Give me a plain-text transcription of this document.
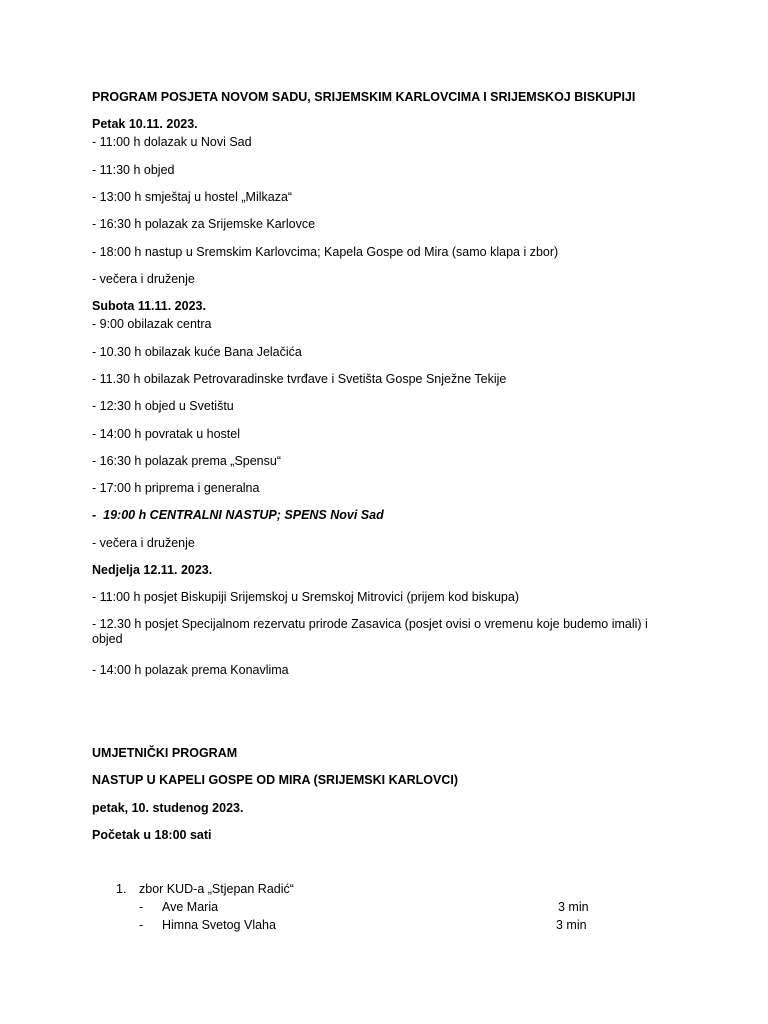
PROGRAM POSJETA NOVOM SADU, SRIJEMSKIM KARLOVCIMA I SRIJEMSKOJ BISKUPIJI
Petak 10.11. 2023.
- 11:00 h dolazak u Novi Sad
- 11:30 h objed
- 13:00 h smještaj u hostel „Milkaza“
- 16:30 h polazak za Srijemske Karlovce
- 18:00 h nastup u Sremskim Karlovcima; Kapela Gospe od Mira (samo klapa i zbor)
- večera i druženje
Subota 11.11. 2023.
- 9:00 obilazak centra
- 10.30 h obilazak kuće Bana Jelačića
- 11.30 h obilazak Petrovaradinske tvrđave i Svetišta Gospe Snježne Tekije
- 12:30 h objed u Svetištu
- 14:00 h povratak u hostel
- 16:30 h polazak prema „Spensu“
- 17:00 h priprema i generalna
- 19:00 h CENTRALNI NASTUP; SPENS Novi Sad
- večera i druženje
Nedjelja 12.11. 2023.
- 11:00 h posjet Biskupiji Srijemskoj u Sremskoj Mitrovici (prijem kod biskupa)
- 12.30 h posjet Specijalnom rezervatu prirode Zasavica (posjet ovisi o vremenu koje budemo imali) i objed
- 14:00 h polazak prema Konavlima
UMJETNIČKI PROGRAM
NASTUP U KAPELI GOSPE OD MIRA (SRIJEMSKI KARLOVCI)
petak, 10. studenog 2023.
Početak u 18:00 sati
1. zbor KUD-a „Stjepan Radić“
- Ave Maria	3 min
- Himna Svetog Vlaha	3 min
